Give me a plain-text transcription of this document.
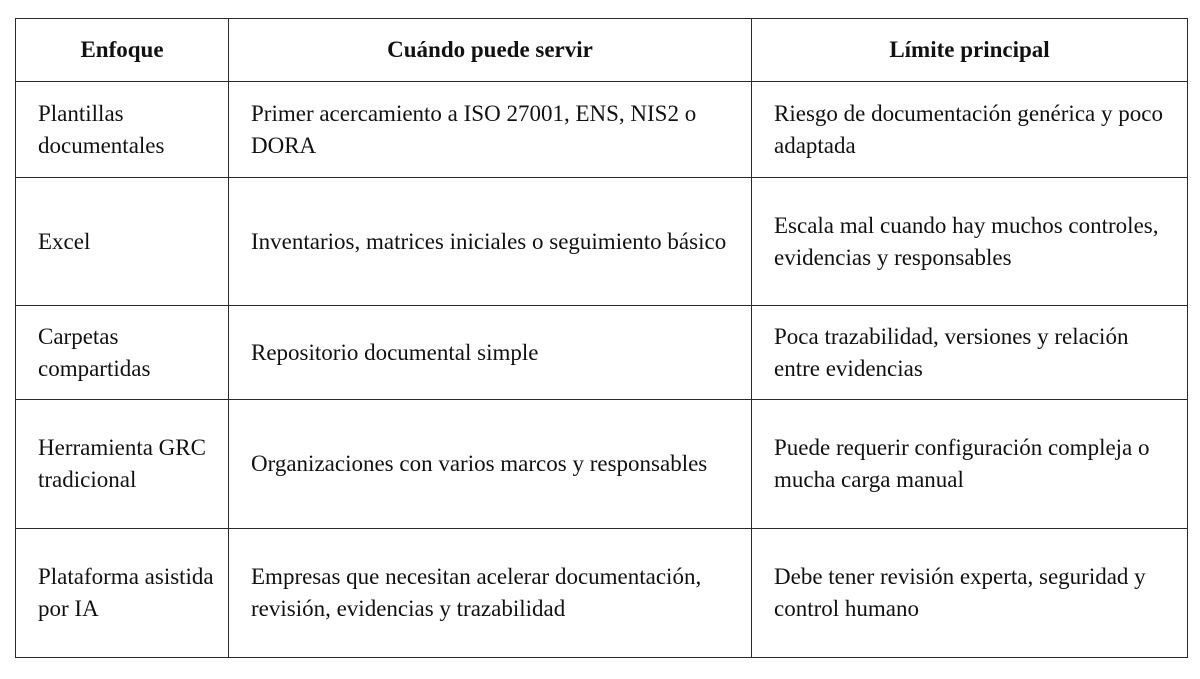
Enfoque	Cuándo puede servir	Límite principal
Plantillas documentales	Primer acercamiento a ISO 27001, ENS, NIS2 o DORA	Riesgo de documentación genérica y poco adaptada
Excel	Inventarios, matrices iniciales o seguimiento básico	Escala mal cuando hay muchos controles, evidencias y responsables
Carpetas compartidas	Repositorio documental simple	Poca trazabilidad, versiones y relación entre evidencias
Herramienta GRC tradicional	Organizaciones con varios marcos y responsables	Puede requerir configuración compleja o mucha carga manual
Plataforma asistida por IA	Empresas que necesitan acelerar documentación, revisión, evidencias y trazabilidad	Debe tener revisión experta, seguridad y control humano
